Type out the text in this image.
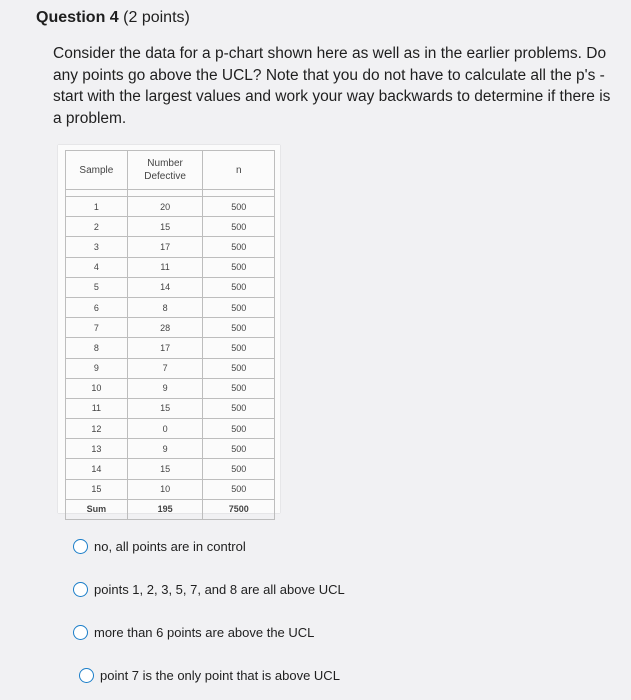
Question 4 (2 points)
Consider the data for a p-chart shown here as well as in the earlier problems. Do any points go above the UCL? Note that you do not have to calculate all the p's - start with the largest values and work your way backwards to determine if there is a problem.
Sample	Number Defective	n

1	20	500
2	15	500
3	17	500
4	11	500
5	14	500
6	8	500
7	28	500
8	17	500
9	7	500
10	9	500
11	15	500
12	0	500
13	9	500
14	15	500
15	10	500
Sum	195	7500
no, all points are in control
points 1, 2, 3, 5, 7, and 8 are all above UCL
more than 6 points are above the UCL
point 7 is the only point that is above UCL
